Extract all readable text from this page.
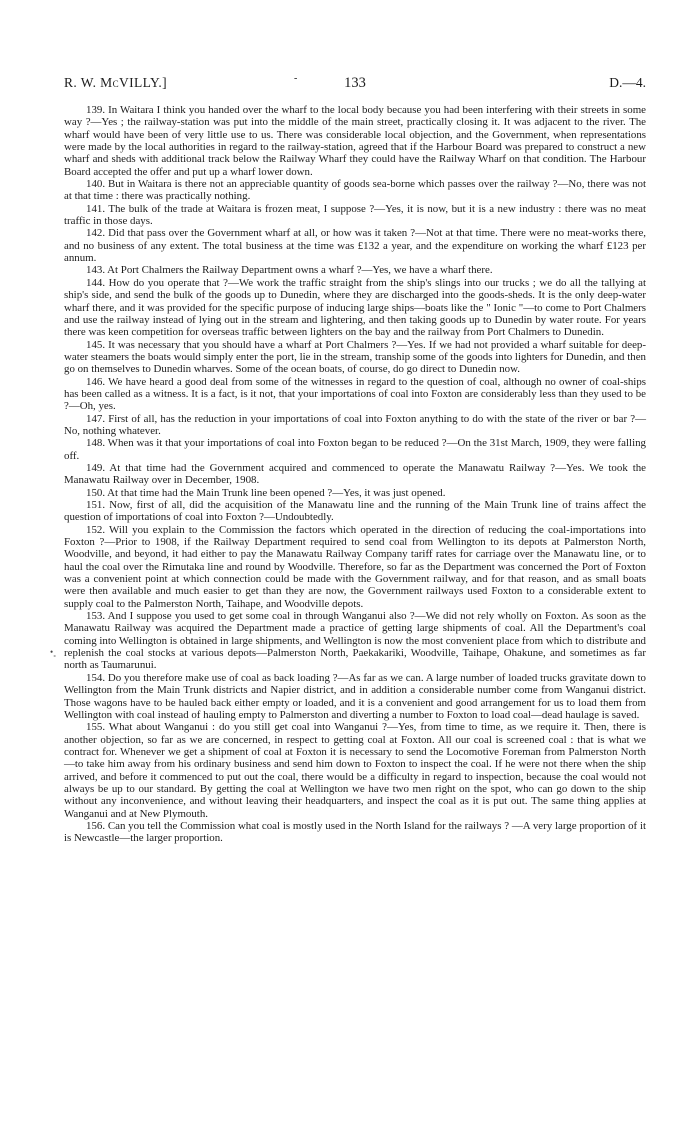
R. W. McVILLY.]	-	133	D.—4.
•˳

139. In Waitara I think you handed over the wharf to the local body because you had been interfering with their streets in some way ?—Yes ; the railway-station was put into the middle of the main street, practically closing it. It was adjacent to the river. The wharf would have been of very little use to us. There was considerable local objection, and the Government, when representations were made by the local authorities in regard to the railway-station, agreed that if the Harbour Board was prepared to construct a new wharf and sheds with additional track below the Railway Wharf they could have the Railway Wharf on that condition. The Harbour Board accepted the offer and put up a wharf lower down.

140. But in Waitara is there not an appreciable quantity of goods sea-borne which passes over the railway ?—No, there was not at that time : there was practically nothing.

141. The bulk of the trade at Waitara is frozen meat, I suppose ?—Yes, it is now, but it is a new industry : there was no meat traffic in those days.

142. Did that pass over the Government wharf at all, or how was it taken ?—Not at that time. There were no meat-works there, and no business of any extent. The total business at the time was £132 a year, and the expenditure on working the wharf £123 per annum.

143. At Port Chalmers the Railway Department owns a wharf ?—Yes, we have a wharf there.

144. How do you operate that ?—We work the traffic straight from the ship's slings into our trucks ; we do all the tallying at ship's side, and send the bulk of the goods up to Dunedin, where they are discharged into the goods-sheds. It is the only deep-water wharf there, and it was provided for the specific purpose of inducing large ships—boats like the " Ionic "—to come to Port Chalmers and use the railway instead of lying out in the stream and lightering, and then taking goods up to Dunedin by water route. For years there was keen competition for overseas traffic between lighters on the bay and the railway from Port Chalmers to Dunedin.

145. It was necessary that you should have a wharf at Port Chalmers ?—Yes. If we had not provided a wharf suitable for deep-water steamers the boats would simply enter the port, lie in the stream, tranship some of the goods into lighters for Dunedin, and then go on themselves to Dunedin wharves. Some of the ocean boats, of course, do go direct to Dunedin now.

146. We have heard a good deal from some of the witnesses in regard to the question of coal, although no owner of coal-ships has been called as a witness. It is a fact, is it not, that your importations of coal into Foxton are considerably less than they used to be ?—Oh, yes.

147. First of all, has the reduction in your importations of coal into Foxton anything to do with the state of the river or bar ?—No, nothing whatever.

148. When was it that your importations of coal into Foxton began to be reduced ?—On the 31st March, 1909, they were falling off.

149. At that time had the Government acquired and commenced to operate the Manawatu Railway ?—Yes. We took the Manawatu Railway over in December, 1908.

150. At that time had the Main Trunk line been opened ?—Yes, it was just opened.

151. Now, first of all, did the acquisition of the Manawatu line and the running of the Main Trunk line of trains affect the question of importations of coal into Foxton ?—Undoubtedly.

152. Will you explain to the Commission the factors which operated in the direction of reducing the coal-importations into Foxton ?—Prior to 1908, if the Railway Department required to send coal from Wellington to its depots at Palmerston North, Woodville, and beyond, it had either to pay the Manawatu Railway Company tariff rates for carriage over the Manawatu line, or to haul the coal over the Rimutaka line and round by Woodville. Therefore, so far as the Department was concerned the Port of Foxton was a convenient point at which connection could be made with the Government railway, and for that reason, and as small boats were then available and much easier to get than they are now, the Government railways used Foxton to a considerable extent to supply coal to the Palmerston North, Taihape, and Woodville depots.

153. And I suppose you used to get some coal in through Wanganui also ?—We did not rely wholly on Foxton. As soon as the Manawatu Railway was acquired the Department made a practice of getting large shipments of coal. All the Department's coal coming into Wellington is obtained in large shipments, and Wellington is now the most convenient place from which to distribute and replenish the coal stocks at various depots—Palmerston North, Paekakariki, Woodville, Taihape, Ohakune, and sometimes as far north as Taumarunui.

154. Do you therefore make use of coal as back loading ?—As far as we can. A large number of loaded trucks gravitate down to Wellington from the Main Trunk districts and Napier district, and in addition a considerable number come from Wanganui district. Those wagons have to be hauled back either empty or loaded, and it is a convenient and good arrangement for us to load them from Wellington with coal instead of hauling empty to Palmerston and diverting a number to Foxton to load coal—dead haulage is saved.

155. What about Wanganui : do you still get coal into Wanganui ?—Yes, from time to time, as we require it. Then, there is another objection, so far as we are concerned, in respect to getting coal at Foxton. All our coal is screened coal : that is what we contract for. Whenever we get a shipment of coal at Foxton it is necessary to send the Locomotive Foreman from Palmerston North —to take him away from his ordinary business and send him down to Foxton to inspect the coal. If he were not there when the ship arrived, and before it commenced to put out the coal, there would be a difficulty in regard to inspection, because the coal would not always be up to our standard. By getting the coal at Wellington we have two men right on the spot, who can go down to the ship without any inconvenience, and without leaving their headquarters, and inspect the coal as it is put out. The same thing applies at Wanganui and at New Plymouth.

156. Can you tell the Commission what coal is mostly used in the North Island for the railways ? —A very large proportion of it is Newcastle—the larger proportion.
